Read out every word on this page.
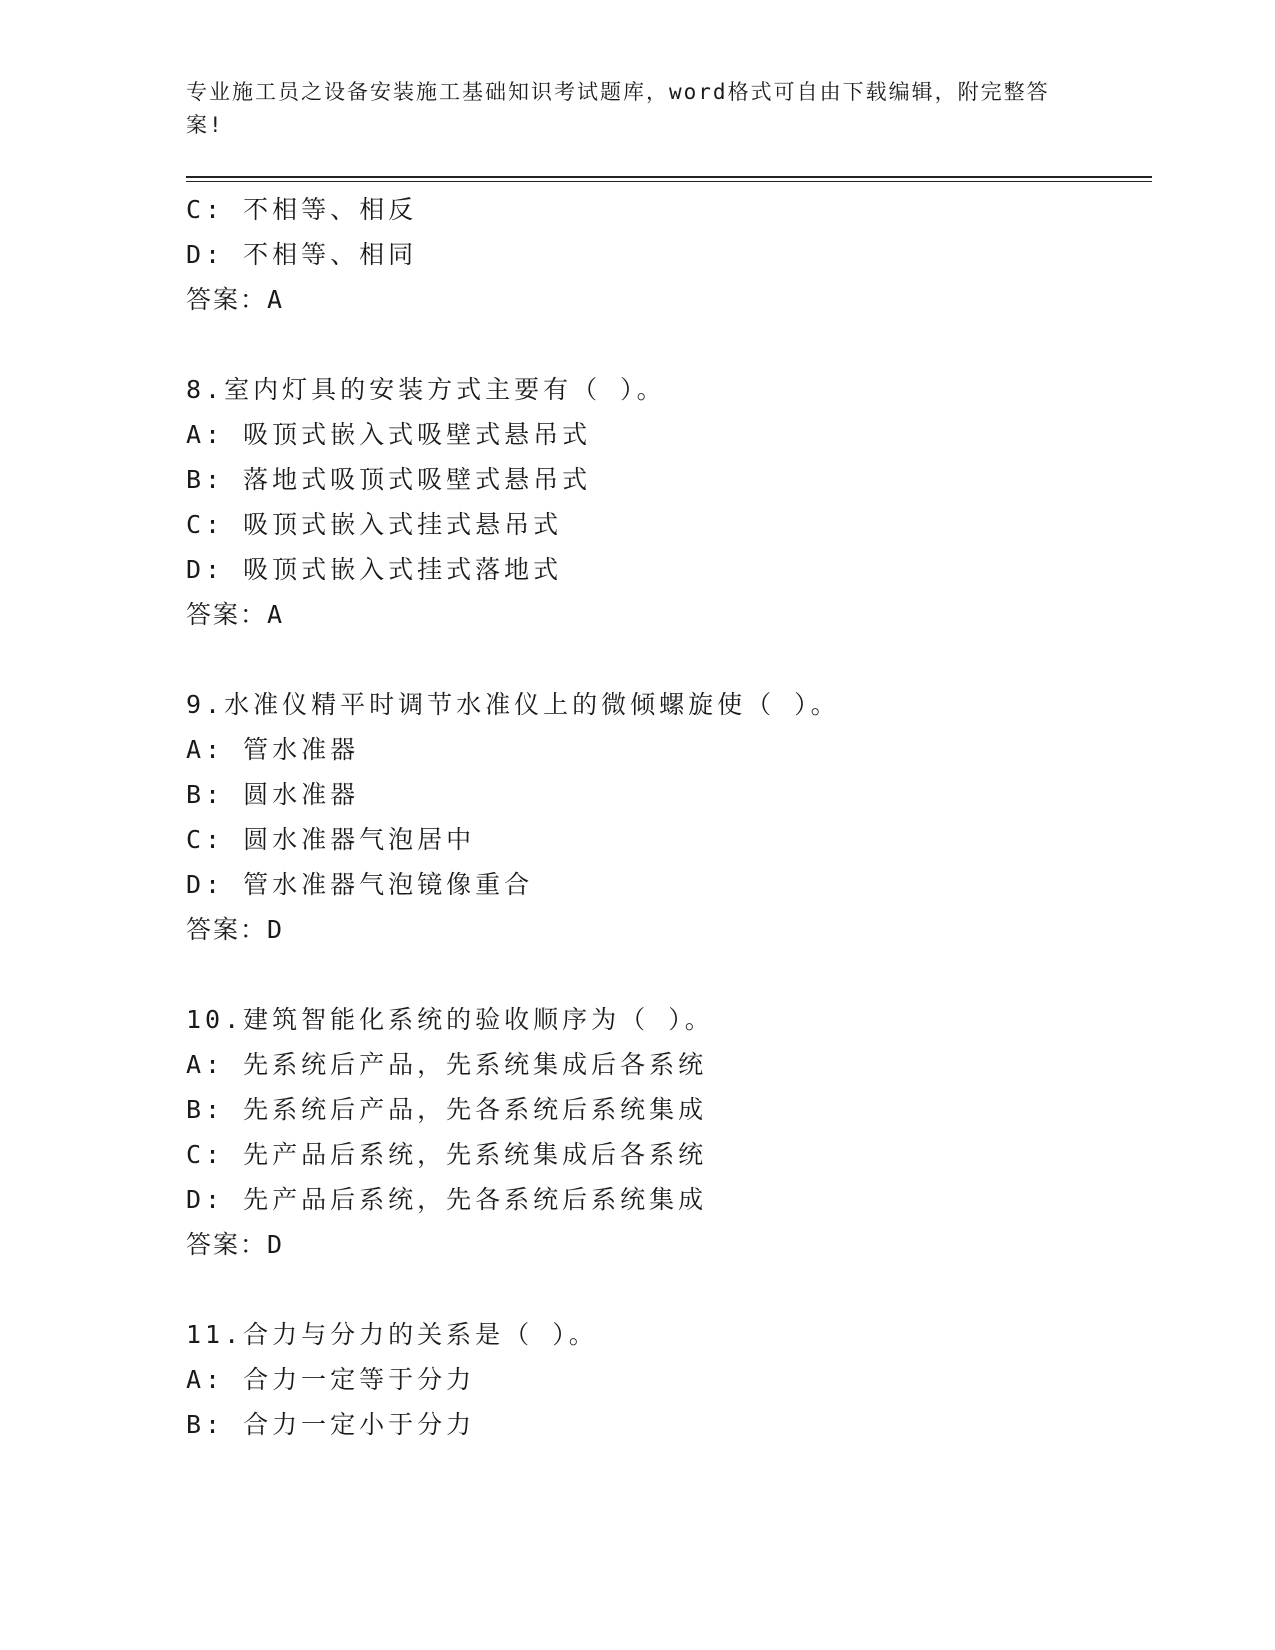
专业施工员之设备安装施工基础知识考试题库，word格式可自由下载编辑，附完整答案!
C: 不相等、相反
D: 不相等、相同
答案：A
8.室内灯具的安装方式主要有（ ）。
A: 吸顶式嵌入式吸壁式悬吊式
B: 落地式吸顶式吸壁式悬吊式
C: 吸顶式嵌入式挂式悬吊式
D: 吸顶式嵌入式挂式落地式
答案：A
9.水准仪精平时调节水准仪上的微倾螺旋使（ ）。
A: 管水准器
B: 圆水准器
C: 圆水准器气泡居中
D: 管水准器气泡镜像重合
答案：D
10.建筑智能化系统的验收顺序为（ ）。
A: 先系统后产品，先系统集成后各系统
B: 先系统后产品，先各系统后系统集成
C: 先产品后系统，先系统集成后各系统
D: 先产品后系统，先各系统后系统集成
答案：D
11.合力与分力的关系是（ ）。
A: 合力一定等于分力
B: 合力一定小于分力
